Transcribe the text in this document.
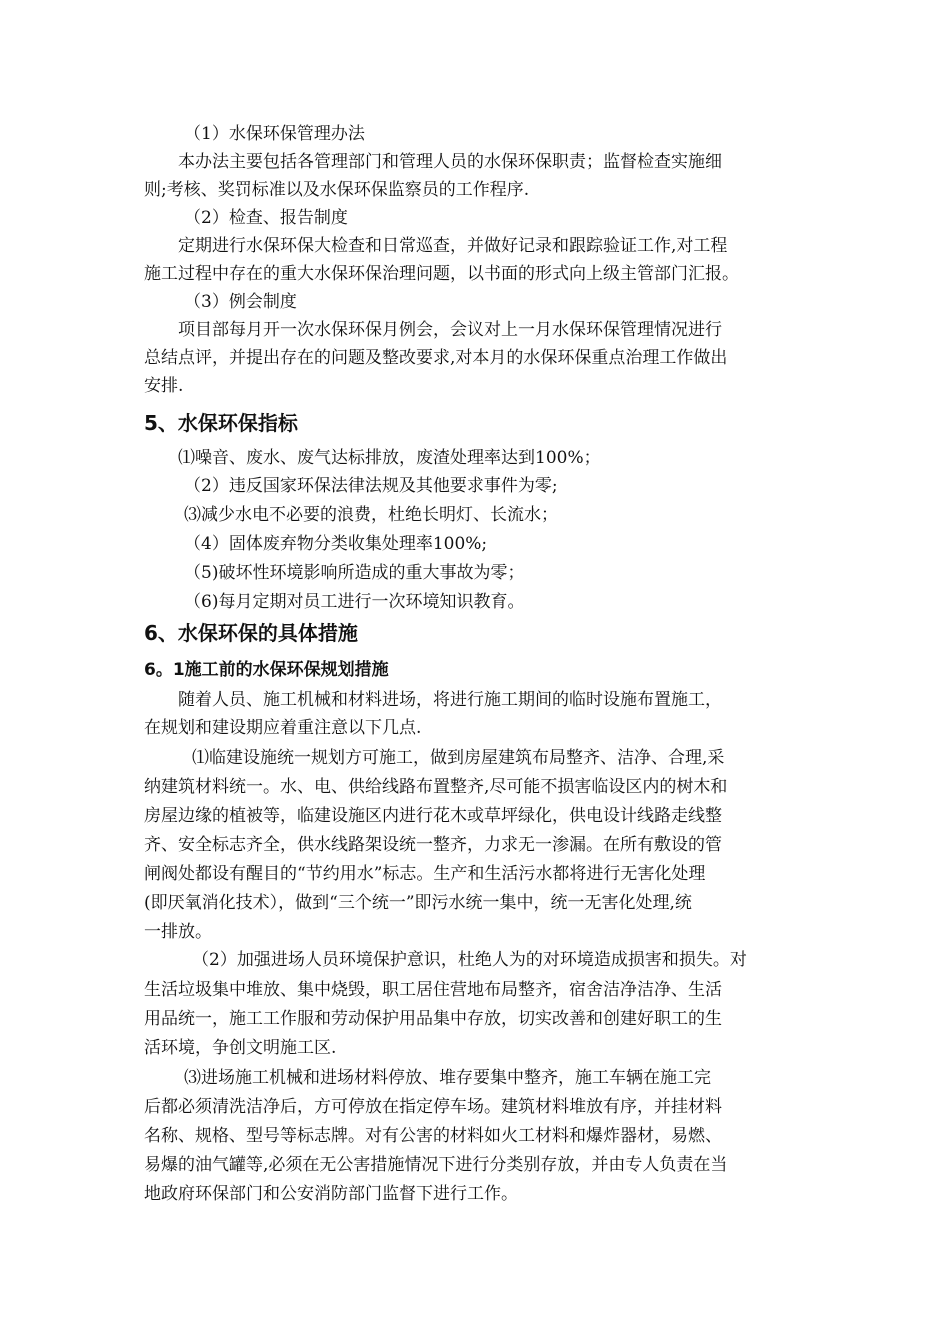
（1）水保环保管理办法
本办法主要包括各管理部门和管理人员的水保环保职责；监督检查实施细
则;考核、奖罚标准以及水保环保监察员的工作程序.
（2）检查、报告制度
定期进行水保环保大检查和日常巡查，并做好记录和跟踪验证工作,对工程
施工过程中存在的重大水保环保治理问题，以书面的形式向上级主管部门汇报。
（3）例会制度
项目部每月开一次水保环保月例会，会议对上一月水保环保管理情况进行
总结点评，并提出存在的问题及整改要求,对本月的水保环保重点治理工作做出
安排.
5、水保环保指标
⑴噪音、废水、废气达标排放，废渣处理率达到100%；
（2）违反国家环保法律法规及其他要求事件为零;
⑶减少水电不必要的浪费，杜绝长明灯、长流水；
（4）固体废弃物分类收集处理率100%;
（5)破坏性环境影响所造成的重大事故为零；
（6)每月定期对员工进行一次环境知识教育。
6、水保环保的具体措施
6。1施工前的水保环保规划措施
随着人员、施工机械和材料进场，将进行施工期间的临时设施布置施工，
在规划和建设期应着重注意以下几点.
⑴临建设施统一规划方可施工，做到房屋建筑布局整齐、洁净、合理,采
纳建筑材料统一。水、电、供给线路布置整齐,尽可能不损害临设区内的树木和
房屋边缘的植被等，临建设施区内进行花木或草坪绿化，供电设计线路走线整
齐、安全标志齐全，供水线路架设统一整齐，力求无一渗漏。在所有敷设的管
闸阀处都设有醒目的“节约用水”标志。生产和生活污水都将进行无害化处理
(即厌氧消化技术），做到“三个统一”即污水统一集中，统一无害化处理,统
一排放。
（2）加强进场人员环境保护意识，杜绝人为的对环境造成损害和损失。对
生活垃圾集中堆放、集中烧毁，职工居住营地布局整齐，宿舍洁净洁净、生活
用品统一，施工工作服和劳动保护用品集中存放，切实改善和创建好职工的生
活环境，争创文明施工区.
⑶进场施工机械和进场材料停放、堆存要集中整齐，施工车辆在施工完
后都必须清洗洁净后，方可停放在指定停车场。建筑材料堆放有序，并挂材料
名称、规格、型号等标志牌。对有公害的材料如火工材料和爆炸器材，易燃、
易爆的油气罐等,必须在无公害措施情况下进行分类别存放，并由专人负责在当
地政府环保部门和公安消防部门监督下进行工作。
